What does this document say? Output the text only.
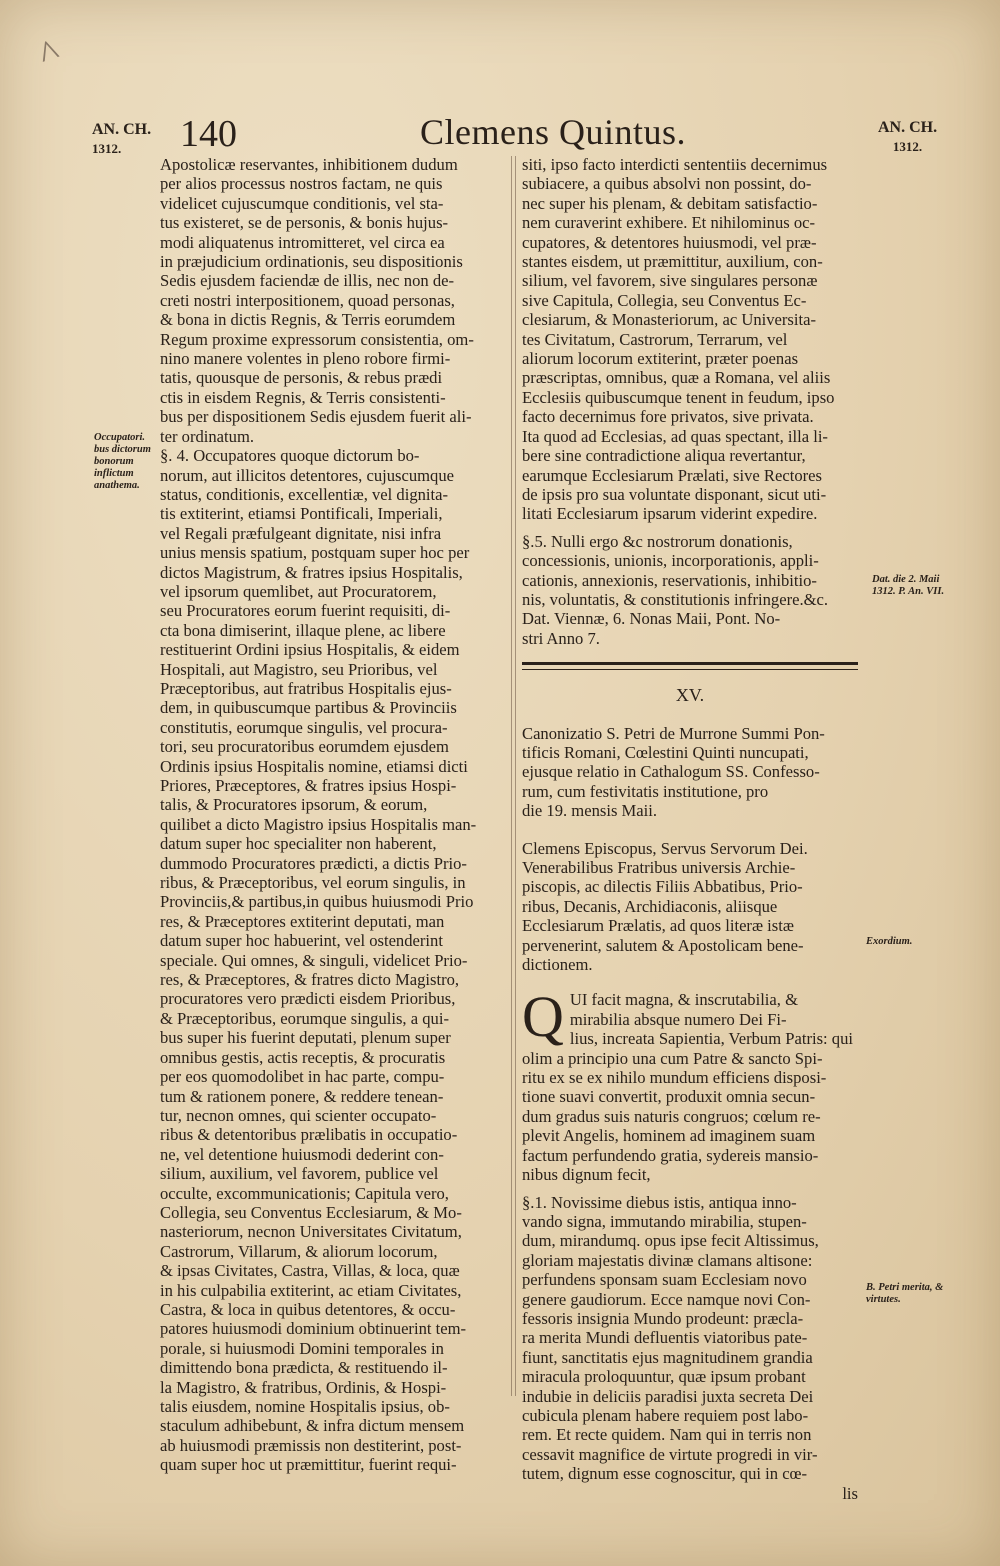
^
AN. CH.
1312.	140	Clemens Quintus.	AN. CH.
1312.
Occupatori. bus dictorum bonorum inflictum anathema.
Dat. die 2. Maii 1312. P. An. VII.
Exordium.
B. Petri merita, & virtutes.
Apostolicæ reservantes, inhibitionem dudum
per alios processus nostros factam, ne quis
videlicet cujuscumque conditionis, vel sta-
tus existeret, se de personis, & bonis hujus-
modi aliquatenus intromitteret, vel circa ea
in præjudicium ordinationis, seu dispositionis
Sedis ejusdem faciendæ de illis, nec non de-
creti nostri interpositionem, quoad personas,
& bona in dictis Regnis, & Terris eorumdem
Regum proxime expressorum consistentia, om-
nino manere volentes in pleno robore firmi-
tatis, quousque de personis, & rebus prædi
ctis in eisdem Regnis, & Terris consistenti-
bus per dispositionem Sedis ejusdem fuerit ali-
ter ordinatum.
§. 4. Occupatores quoque dictorum bo-
norum, aut illicitos detentores, cujuscumque
status, conditionis, excellentiæ, vel dignita-
tis extiterint, etiamsi Pontificali, Imperiali,
vel Regali præfulgeant dignitate, nisi infra
unius mensis spatium, postquam super hoc per
dictos Magistrum, & fratres ipsius Hospitalis,
vel ipsorum quemlibet, aut Procuratorem,
seu Procuratores eorum fuerint requisiti, di-
cta bona dimiserint, illaque plene, ac libere
restituerint Ordini ipsius Hospitalis, & eidem
Hospitali, aut Magistro, seu Prioribus, vel
Præceptoribus, aut fratribus Hospitalis ejus-
dem, in quibuscumque partibus & Provinciis
constitutis, eorumque singulis, vel procura-
tori, seu procuratoribus eorumdem ejusdem
Ordinis ipsius Hospitalis nomine, etiamsi dicti
Priores, Præceptores, & fratres ipsius Hospi-
talis, & Procuratores ipsorum, & eorum,
quilibet a dicto Magistro ipsius Hospitalis man-
datum super hoc specialiter non haberent,
dummodo Procuratores prædicti, a dictis Prio-
ribus, & Præceptoribus, vel eorum singulis, in
Provinciis,& partibus,in quibus huiusmodi Prio
res, & Præceptores extiterint deputati, man
datum super hoc habuerint, vel ostenderint
speciale. Qui omnes, & singuli, videlicet Prio-
res, & Præceptores, & fratres dicto Magistro,
procuratores vero prædicti eisdem Prioribus,
& Præceptoribus, eorumque singulis, a qui-
bus super his fuerint deputati, plenum super
omnibus gestis, actis receptis, & procuratis
per eos quomodolibet in hac parte, compu-
tum & rationem ponere, & reddere tenean-
tur, necnon omnes, qui scienter occupato-
ribus & detentoribus prælibatis in occupatio-
ne, vel detentione huiusmodi dederint con-
silium, auxilium, vel favorem, publice vel
occulte, excommunicationis; Capitula vero,
Collegia, seu Conventus Ecclesiarum, & Mo-
nasteriorum, necnon Universitates Civitatum,
Castrorum, Villarum, & aliorum locorum,
& ipsas Civitates, Castra, Villas, & loca, quæ
in his culpabilia extiterint, ac etiam Civitates,
Castra, & loca in quibus detentores, & occu-
patores huiusmodi dominium obtinuerint tem-
porale, si huiusmodi Domini temporales in
dimittendo bona prædicta, & restituendo il-
la Magistro, & fratribus, Ordinis, & Hospi-
talis eiusdem, nomine Hospitalis ipsius, ob-
staculum adhibebunt, & infra dictum mensem
ab huiusmodi præmissis non destiterint, post-
quam super hoc ut præmittitur, fuerint requi-
siti, ipso facto interdicti sententiis decernimus
subiacere, a quibus absolvi non possint, do-
nec super his plenam, & debitam satisfactio-
nem curaverint exhibere. Et nihilominus oc-
cupatores, & detentores huiusmodi, vel præ-
stantes eisdem, ut præmittitur, auxilium, con-
silium, vel favorem, sive singulares personæ
sive Capitula, Collegia, seu Conventus Ec-
clesiarum, & Monasteriorum, ac Universita-
tes Civitatum, Castrorum, Terrarum, vel
aliorum locorum extiterint, præter poenas
præscriptas, omnibus, quæ a Romana, vel aliis
Ecclesiis quibuscumque tenent in feudum, ipso
facto decernimus fore privatos, sive privata.
Ita quod ad Ecclesias, ad quas spectant, illa li-
bere sine contradictione aliqua revertantur,
earumque Ecclesiarum Prælati, sive Rectores
de ipsis pro sua voluntate disponant, sicut uti-
litati Ecclesiarum ipsarum viderint expedire.
§.5. Nulli ergo &c nostrorum donationis,
concessionis, unionis, incorporationis, appli-
cationis, annexionis, reservationis, inhibitio-
nis, voluntatis, & constitutionis infringere.&c.
Dat. Viennæ, 6. Nonas Maii, Pont. No-
stri Anno 7.
XV.
Canonizatio S. Petri de Murrone Summi Pon-
tificis Romani, Cœlestini Quinti nuncupati,
ejusque relatio in Cathalogum SS. Confesso-
rum, cum festivitatis institutione, pro
die 19. mensis Maii.
Clemens Episcopus, Servus Servorum Dei.
Venerabilibus Fratribus universis Archie-
piscopis, ac dilectis Filiis Abbatibus, Prio-
ribus, Decanis, Archidiaconis, aliisque
Ecclesiarum Prælatis, ad quos literæ istæ
pervenerint, salutem & Apostolicam bene-
dictionem.
Q UI facit magna, & inscrutabilia, &
mirabilia absque numero Dei Fi-
lius, increata Sapientia, Verbum Patris: qui
olim a principio una cum Patre & sancto Spi-
ritu ex se ex nihilo mundum efficiens disposi-
tione suavi convertit, produxit omnia secun-
dum gradus suis naturis congruos; cœlum re-
plevit Angelis, hominem ad imaginem suam
factum perfundendo gratia, sydereis mansio-
nibus dignum fecit,
§.1. Novissime diebus istis, antiqua inno-
vando signa, immutando mirabilia, stupen-
dum, mirandumq. opus ipse fecit Altissimus,
gloriam majestatis divinæ clamans altisone:
perfundens sponsam suam Ecclesiam novo
genere gaudiorum. Ecce namque novi Con-
fessoris insignia Mundo prodeunt: præcla-
ra merita Mundi defluentis viatoribus pate-
fiunt, sanctitatis ejus magnitudinem grandia
miracula proloquuntur, quæ ipsum probant
indubie in deliciis paradisi juxta secreta Dei
cubicula plenam habere requiem post labo-
rem. Et recte quidem. Nam qui in terris non
cessavit magnifice de virtute progredi in vir-
tutem, dignum esse cognoscitur, qui in cœ-
lis
